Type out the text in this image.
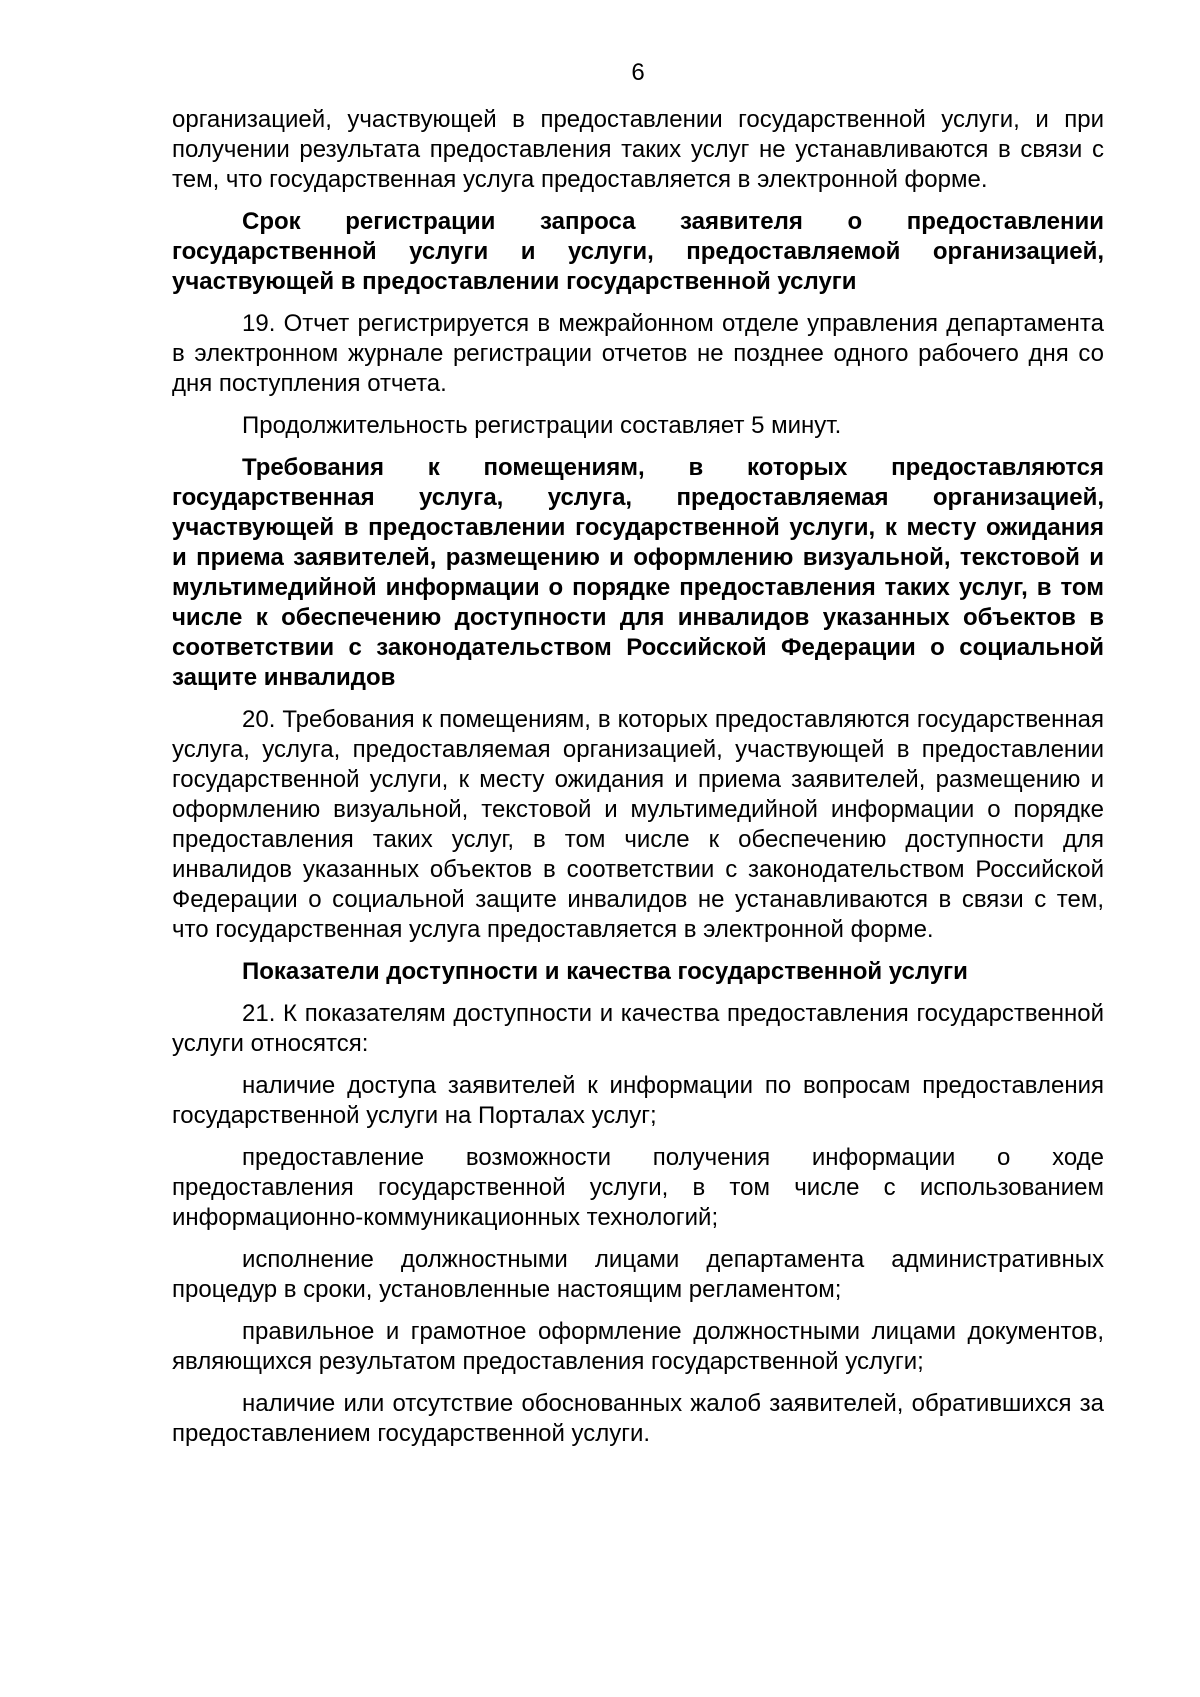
6

организацией, участвующей в предоставлении государственной услуги, и при получении результата предоставления таких услуг не устанавливаются в связи с тем, что государственная услуга предоставляется в электронной форме.

Срок регистрации запроса заявителя о предоставлении государственной услуги и услуги, предоставляемой организацией, участвующей в предоставлении государственной услуги

19. Отчет регистрируется в межрайонном отделе управления департамента в электронном журнале регистрации отчетов не позднее одного рабочего дня со дня поступления отчета.

Продолжительность регистрации составляет 5 минут.

Требования к помещениям, в которых предоставляются государственная услуга, услуга, предоставляемая организацией, участвующей в предоставлении государственной услуги, к месту ожидания и приема заявителей, размещению и оформлению визуальной, текстовой и мультимедийной информации о порядке предоставления таких услуг, в том числе к обеспечению доступности для инвалидов указанных объектов в соответствии с законодательством Российской Федерации о социальной защите инвалидов

20. Требования к помещениям, в которых предоставляются государственная услуга, услуга, предоставляемая организацией, участвующей в предоставлении государственной услуги, к месту ожидания и приема заявителей, размещению и оформлению визуальной, текстовой и мультимедийной информации о порядке предоставления таких услуг, в том числе к обеспечению доступности для инвалидов указанных объектов в соответствии с законодательством Российской Федерации о социальной защите инвалидов не устанавливаются в связи с тем, что государственная услуга предоставляется в электронной форме.

Показатели доступности и качества государственной услуги

21. К показателям доступности и качества предоставления государственной услуги относятся:

наличие доступа заявителей к информации по вопросам предоставления государственной услуги на Порталах услуг;

предоставление возможности получения информации о ходе предоставления государственной услуги, в том числе с использованием информационно-коммуникационных технологий;

исполнение должностными лицами департамента административных процедур в сроки, установленные настоящим регламентом;

правильное и грамотное оформление должностными лицами документов, являющихся результатом предоставления государственной услуги;

наличие или отсутствие обоснованных жалоб заявителей, обратившихся за предоставлением государственной услуги.
